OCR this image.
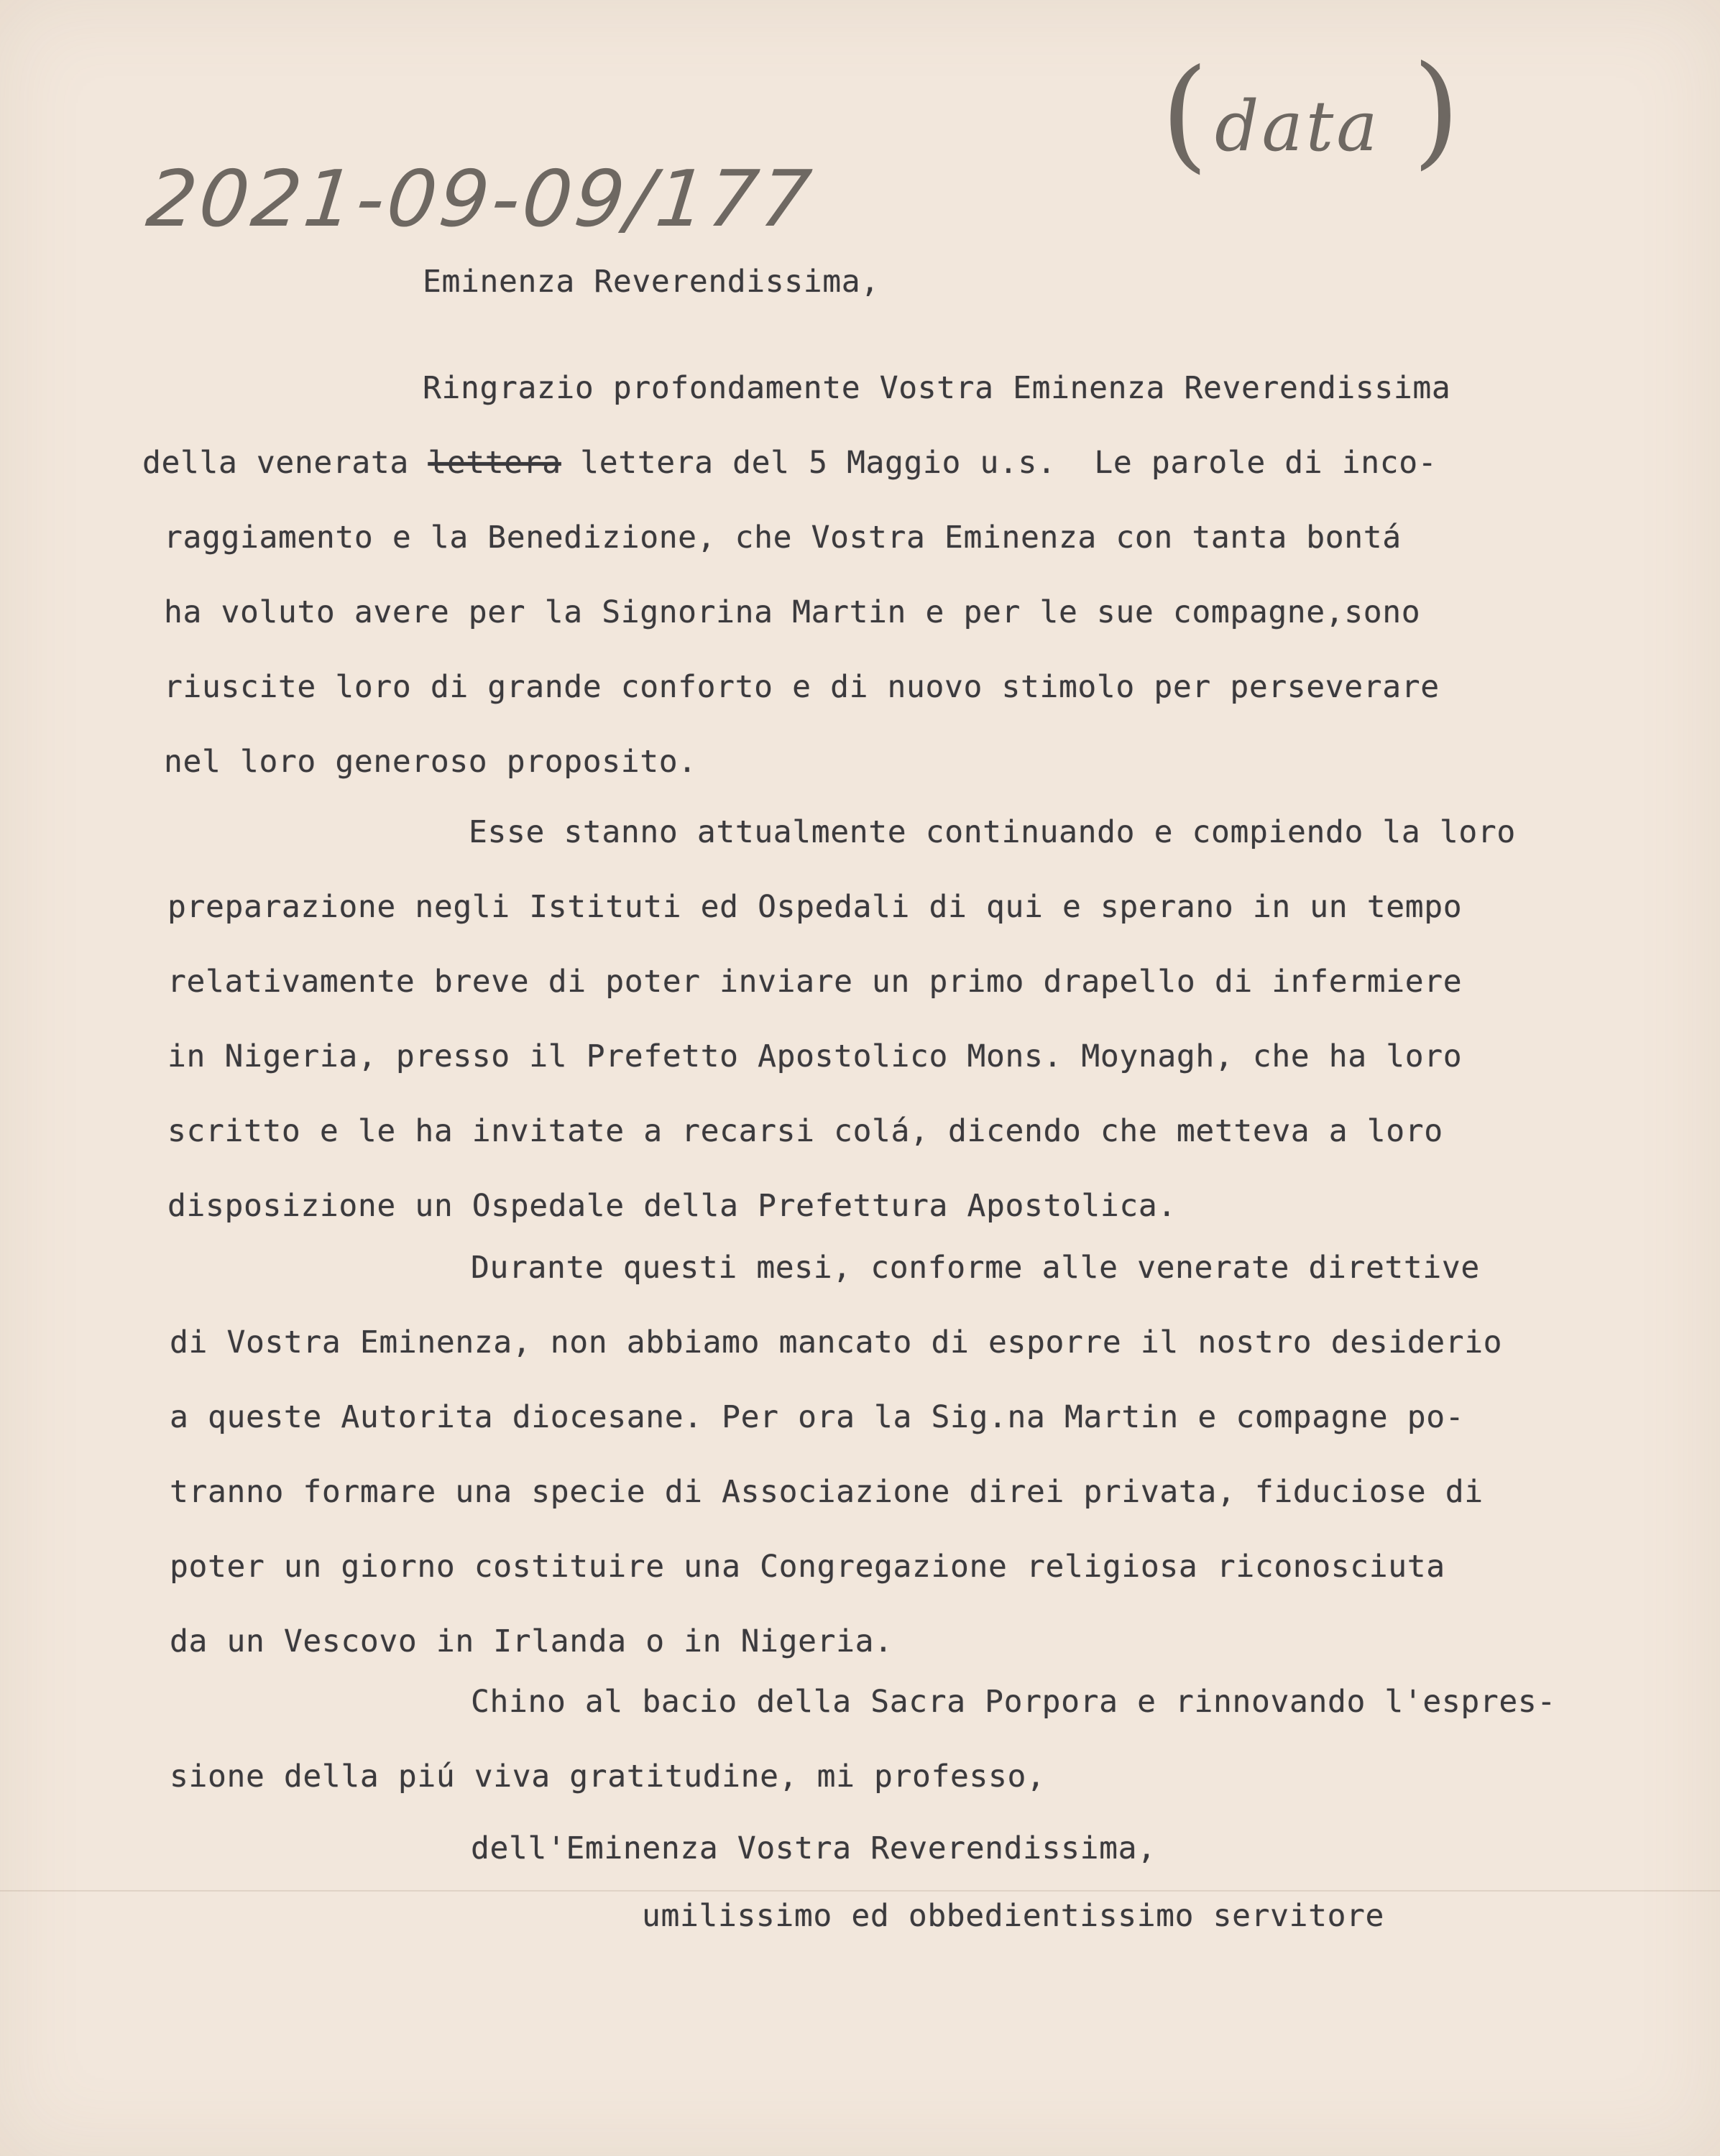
2021-09-09/177
( data )
Eminenza Reverendissima,
Ringrazio profondamente Vostra Eminenza Reverendissima
della venerata lettera lettera del 5 Maggio u.s.  Le parole di inco-
raggiamento e la Benedizione, che Vostra Eminenza con tanta bontá
ha voluto avere per la Signorina Martin e per le sue compagne,sono
riuscite loro di grande conforto e di nuovo stimolo per perseverare
nel loro generoso proposito.
Esse stanno attualmente continuando e compiendo la loro
preparazione negli Istituti ed Ospedali di qui e sperano in un tempo
relativamente breve di poter inviare un primo drapello di infermiere
in Nigeria, presso il Prefetto Apostolico Mons. Moynagh, che ha loro
scritto e le ha invitate a recarsi colá, dicendo che metteva a loro
disposizione un Ospedale della Prefettura Apostolica.
Durante questi mesi, conforme alle venerate direttive
di Vostra Eminenza, non abbiamo mancato di esporre il nostro desiderio
a queste Autorita diocesane. Per ora la Sig.na Martin e compagne po-
tranno formare una specie di Associazione direi privata, fiduciose di
poter un giorno costituire una Congregazione religiosa riconosciuta
da un Vescovo in Irlanda o in Nigeria.
Chino al bacio della Sacra Porpora e rinnovando l'espres-
sione della piú viva gratitudine, mi professo,
dell'Eminenza Vostra Reverendissima,
umilissimo ed obbedientissimo servitore
